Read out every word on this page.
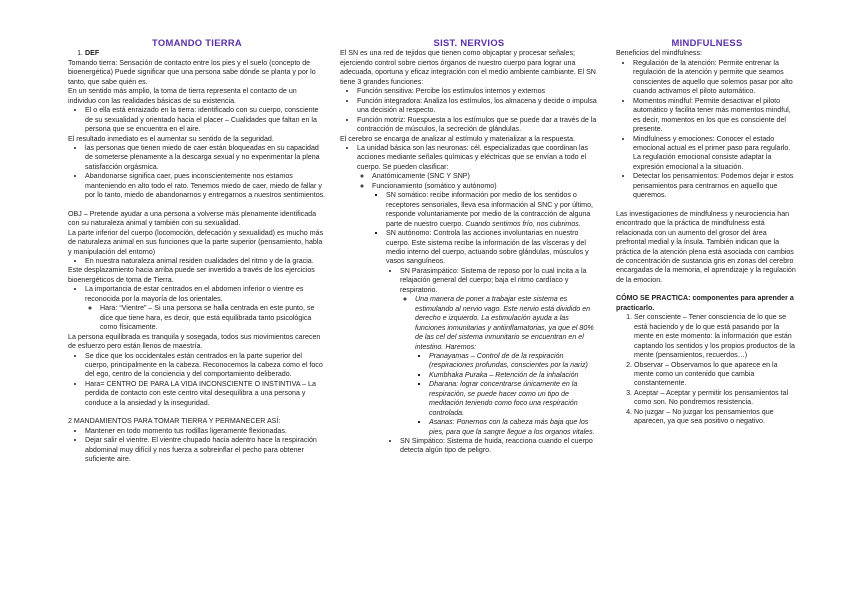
TOMANDO TIERRA
1. DEF

Tomando tierra: Sensación de contacto entre los pies y el suelo (concepto de bioenergética) Puede significar que una persona sabe dónde se planta y por lo tanto, que sabe quién es.

En un sentido más amplio, la toma de tierra representa el contacto de un individuo con las realidades básicas de su existencia.

• El o ella está enraizado en la tierra: identificado con su cuerpo, consciente de su sexualidad y orientado hacia el placer – Cualidades que faltan en la persona que se encuentra en el aire.

El resultado inmediato es el aumentar su sentido de la seguridad.

• las personas que tienen miedo de caer están bloqueadas en su capacidad de someterse plenamente a la descarga sexual y no experimentar la plena satisfacción orgásmica.
• Abandonarse significa caer, pues inconscientemente nos estamos manteniendo en alto todo el rato. Tenemos miedo de caer, miedo de fallar y por lo tanto, miedo de abandonarnos y entregarnos a nuestros sentimientos.

OBJ – Pretende ayudar a una persona a volverse más plenamente identificada con su naturaleza animal y también con su sexualidad.

La parte inferior del cuerpo (locomoción, defecación y sexualidad) es mucho más de naturaleza animal en sus funciones que la parte superior (pensamiento, habla y manipulación del entorno)

• En nuestra naturaleza animal residen cualidades del ritmo y de la gracia.

Este desplazamiento hacia arriba puede ser invertido a través de los ejercicios bioenergéticos de toma de Tierra.

• La importancia de estar centrados en el abdomen inferior o vientre es reconocida por la mayoría de los orientales.
◦ Hara: “Vientre” – Si una persona se halla centrada en este punto, se dice que tiene hara, es decir, que está equilibrada tanto psicológica como físicamente.

La persona equilibrada es tranquila y sosegada, todos sus movimientos carecen de esfuerzo pero están llenos de maestría.

• Se dice que los occidentales están centrados en la parte superior del cuerpo, principalmente en la cabeza. Reconocemos la cabeza como el foco del ego, centro de la conciencia y del comportamiento deliberado.
• Hara= CENTRO DE PARA LA VIDA INCONSCIENTE O INSTINTIVA – La perdida de contacto con este centro vital desequilibra a una persona y conduce a la ansiedad y la inseguridad.

2 MANDAMIENTOS PARA TOMAR TIERRA Y PERMANECER ASÍ:

• Mantener en todo momento tus rodillas ligeramente flexionadas.
• Dejar salir el vientre. El vientre chupado hacia adentro hace la respiración abdominal muy difícil y nos fuerza a sobreinflar el pecho para obtener suficiente aire.
SIST. NERVIOS

El SN es una red de tejidos que tienen como objcaptar y procesar señales; ejerciendo control sobre ciertos órganos de nuestro cuerpo para lograr una adecuada, oportuna y eficaz integración con el medio ambiente cambiante. El SN tiene 3 grandes funciones:

• Función sensitiva: Percibe los estímulos internos y externos
• Función integradora: Analiza los estímulos, los almacena y decide o impulsa una decisión al respecto.
• Función motriz: Ruespuesta a los estímulos que se puede dar a través de la contracción de músculos, la secreción de glándulas.

El cerebro se encarga de analizar al estímulo y materializar a la respuesta.

• La unidad básica son las neuronas: cél. especializadas que coordinan las acciones mediante señales químicas y eléctricas que se envían a todo el cuerpo. Se pueden clasificar:
◦ Anatómicamente (SNC Y SNP)
◦ Funcionamiento (somático y autónomo)
▪ SN somático: recibe información por medio de los sentidos o receptores sensoriales, lleva esa información al SNC y por último, responde voluntariamente por medio de la contracción de alguna parte de nuestro cuerpo. Cuando sentimos frío, nos cubrimos.
▪ SN autónomo: Controla las acciones involuntarias en nuestro cuerpo. Este sistema recibe la información de las vísceras y del medio interno del cuerpo, actuando sobre glándulas, músculos y vasos sanguíneos.
• SN Parasimpático: Sistema de reposo por lo cual incita a la relajación general del cuerpo; baja el ritmo cardíaco y respiratorio.
◦ Una manera de poner a trabajar este sistema es estimulando al nervio vago. Este nervio está dividido en derecho e izquierdo. La estimulación ayuda a las funciones inmunitarias y antiinflamatorias, ya que el 80% de las cel del sistema inmunitario se encuentran en el intestino. Haremos:
▪ Pranayamas – Control de de la respiración (respiraciones profundas, conscientes por la nariz)
▪ Kumbhaka Puraka – Retención de la inhalación
▪ Dharana: lograr concentrarse únicamente en la respiración, se puede hacer como un tipo de meditación teniendo como foco una respiración controlada.
▪ Asanas: Ponernos con la cabeza más baja que los pies, para que la sangre llegue a los organos vitales.
• SN Simpático: Sistema de huida, reacciona cuando el cuerpo detecta algún tipo de peligro.
MINDFULNESS

Beneficios del mindfulness:

• Regulación de la atención: Permite entrenar la regulación de la atención y permite que seamos conscientes de aquello que solemos pasar por alto cuando activamos el piloto automático.
• Momentos mindful: Permite desactivar el piloto automático y facilita tener más momentos mindful, es decir, momentos en los que es consciente del presente.
• Mindfulness y emociones: Conocer el estado emocional actual es el primer paso para regularlo. La regulación emocional consiste adaptar la expresión emocional a la situación.
• Detectar los pensamientos: Podemos dejar ir estos pensamientos para centrarnos en aquello que queremos.

Las investigaciones de mindfulness y neurociencia han encontrado que la práctica de mindfulness está relacionada con un aumento del grosor del área prefrontal medial y la ínsula. También indican que la práctica de la atención plena está asociada con cambios de concentración de sustancia gris en zonas del cerebro encargadas de la memoria, el aprendizaje y la regulación de la emocion.

CÓMO SE PRACTICA: componentes para aprender a practicarlo.

1. Ser consciente – Tener consciencia de lo que se está haciendo y de lo que está pasando por la mente en este momento: la información que están captando los sentidos y los propios productos de la mente (pensamientos, recuerdos…)
2. Observar – Observamos lo que aparece en la mente como un contenido que cambia constantemente.
3. Aceptar – Aceptar y permitir los pensamientos tal como son. No pondremos resistencia.
4. No juzgar – No juzgar los pensamientos que aparecen, ya que sea positivo o negativo.
